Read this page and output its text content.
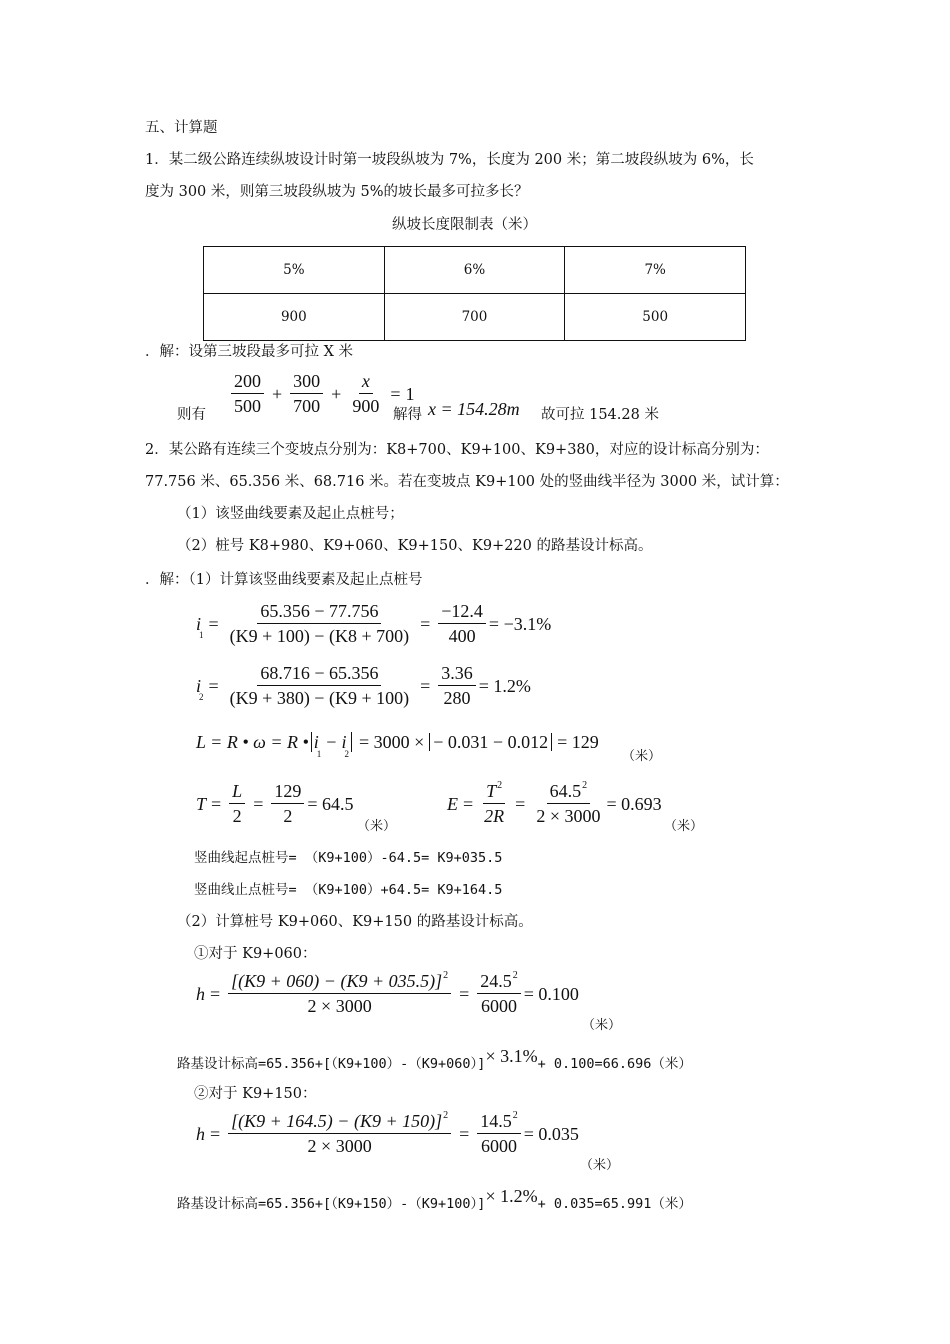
五、计算题
1．某二级公路连续纵坡设计时第一坡段纵坡为 7%，长度为 200 米；第二坡段纵坡为 6%，长
度为 300 米，则第三坡段纵坡为 5%的坡长最多可拉多长？
纵坡长度限制表（米）
5%	6%	7%
900	700	500
．解：设第三坡段最多可拉 X 米
$\frac{200}{500} + \frac{300}{700} + \frac{x}{900} = 1$
则有	解得 x = 154.28m 故可拉 154.28 米
2．某公路有连续三个变坡点分别为：K8+700、K9+100、K9+380，对应的设计标高分别为：
77.756 米、65.356 米、68.716 米。若在变坡点 K9+100 处的竖曲线半径为 3000 米，试计算：
（1）该竖曲线要素及起止点桩号；
（2）桩号 K8+980、K9+060、K9+150、K9+220 的路基设计标高。
．解：（1）计算该竖曲线要素及起止点桩号
i
1
= $\frac{65.356 - 77.756}{(K9 + 100) - (K8 + 700)} = \frac{-12.4}{400} = -3.1\%$
i
2
= $\frac{68.716 - 65.356}{(K9 + 380) - (K9 + 100)} = \frac{3.36}{280} = 1.2\%$
L = R • ω = R • i
1
− i
2
= 3000 × − 0.031 − 0.012 = 129
（米）
$T = \frac{L}{2} = \frac{129}{2} = 64.5$
（米）
$E = \frac{T^2}{2R} = \frac{64.5^2}{2 \times 3000} = 0.693$
（米）
竖曲线起点桩号= （K9+100）-64.5= K9+035.5
竖曲线止点桩号= （K9+100）+64.5= K9+164.5
（2）计算桩号 K9+060、K9+150 的路基设计标高。
①对于 K9+060：
$h = \frac{[(K9 + 060) - (K9 + 035.5)]^2}{2 \times 3000} = \frac{24.5^2}{6000} = 0.100$
（米）
路基设计标高=65.356+[（K9+100）-（K9+060）]× 3.1%+ 0.100=66.696（米）
②对于 K9+150：
$h = \frac{[(K9 + 164.5) - (K9 + 150)]^2}{2 \times 3000} = \frac{14.5^2}{6000} = 0.035$
（米）
路基设计标高=65.356+[（K9+150）-（K9+100）]× 1.2%+ 0.035=65.991（米）
